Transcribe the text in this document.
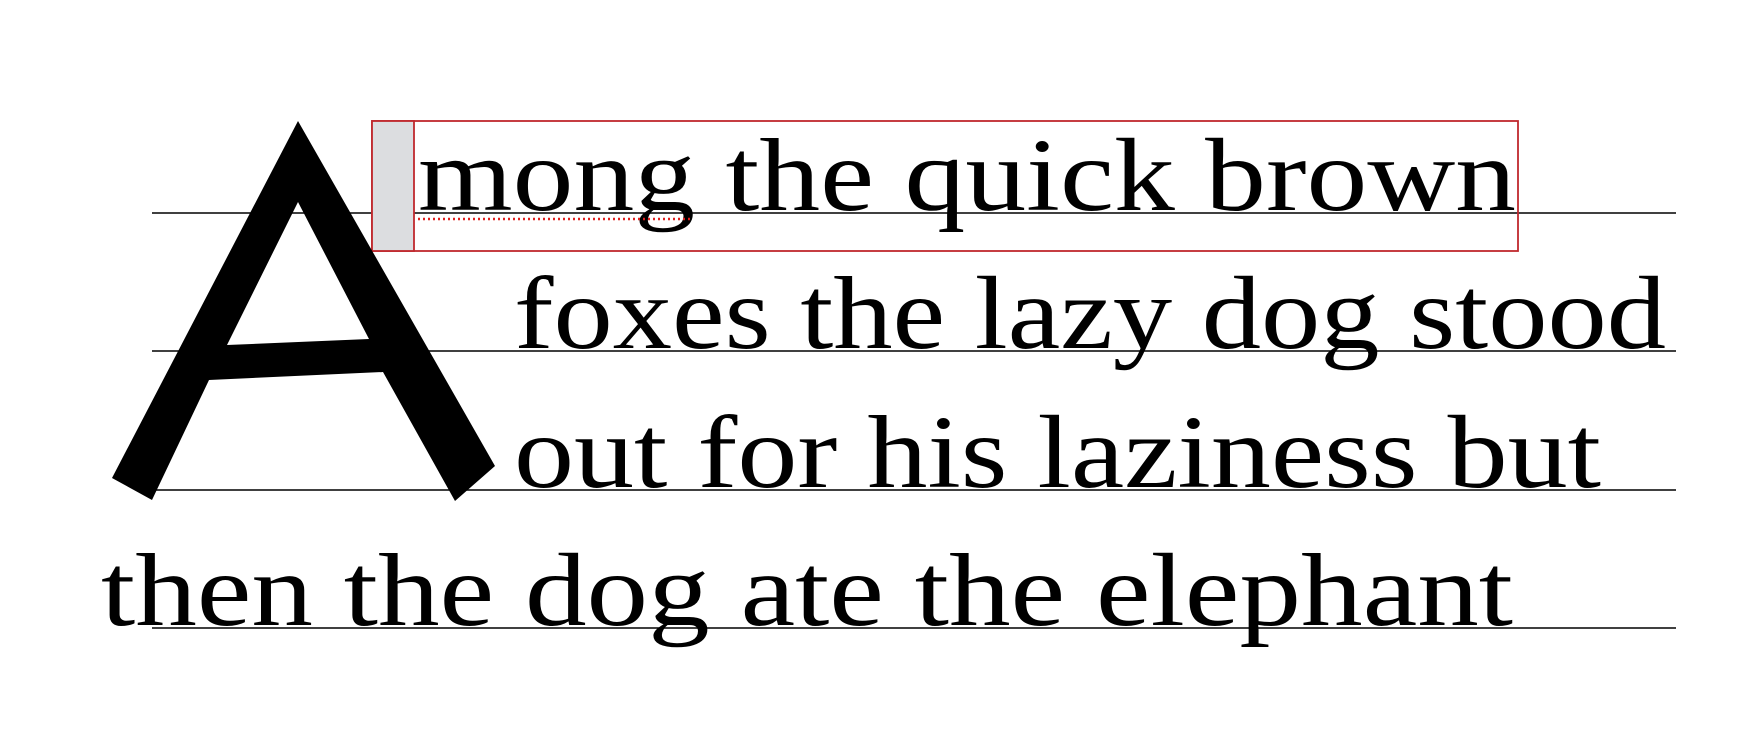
mong the quick brown
foxes the lazy dog stood
out for his laziness but
then the dog ate the elephant
